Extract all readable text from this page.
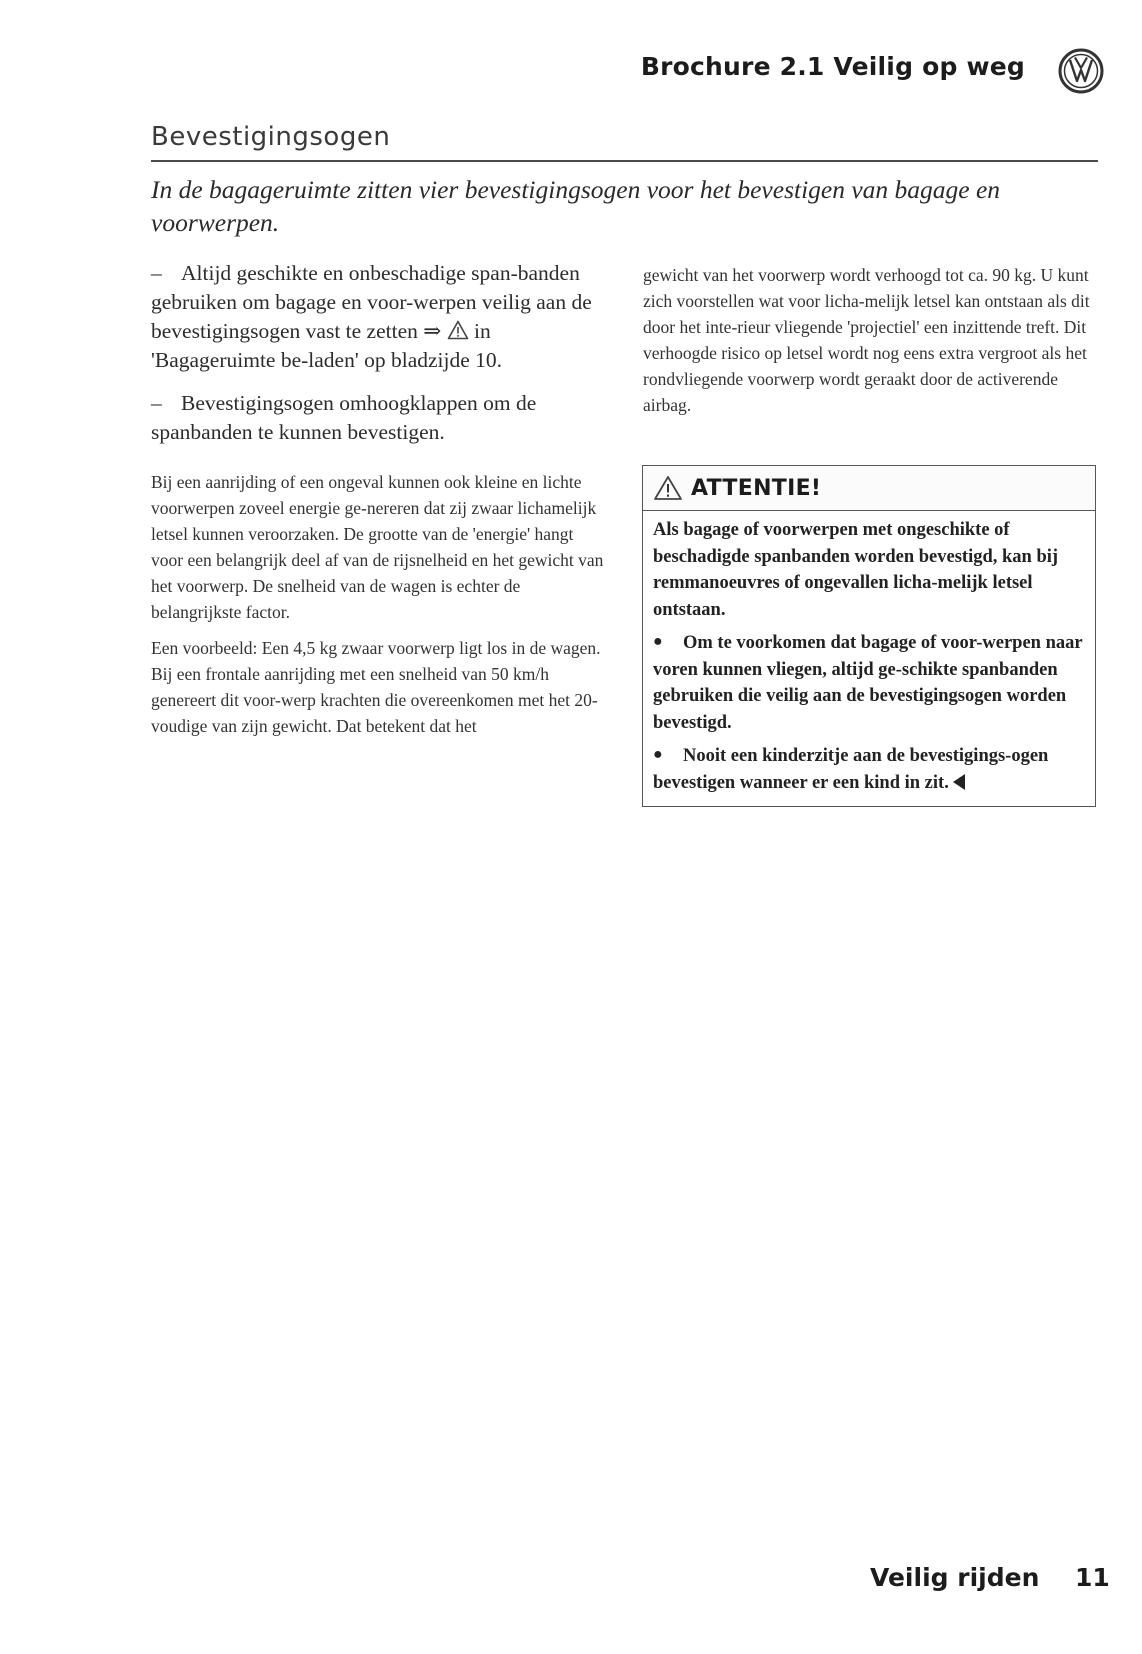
Brochure 2.1 Veilig op weg
Bevestigingsogen
In de bagageruimte zitten vier bevestigingsogen voor het bevestigen van bagage en voorwerpen.

– Altijd geschikte en onbeschadige span-banden gebruiken om bagage en voor-werpen veilig aan de bevestigingsogen vast te zetten ⇒ in 'Bagageruimte be-laden' op bladzijde 10.

– Bevestigingsogen omhoogklappen om de spanbanden te kunnen bevestigen.

Bij een aanrijding of een ongeval kunnen ook kleine en lichte voorwerpen zoveel energie ge-nereren dat zij zwaar lichamelijk letsel kunnen veroorzaken. De grootte van de 'energie' hangt voor een belangrijk deel af van de rijsnelheid en het gewicht van het voorwerp. De snelheid van de wagen is echter de belangrijkste factor.

Een voorbeeld: Een 4,5 kg zwaar voorwerp ligt los in de wagen. Bij een frontale aanrijding met een snelheid van 50 km/h genereert dit voor-werp krachten die overeenkomen met het 20-voudige van zijn gewicht. Dat betekent dat het

gewicht van het voorwerp wordt verhoogd tot ca. 90 kg. U kunt zich voorstellen wat voor licha-melijk letsel kan ontstaan als dit door het inte-rieur vliegende 'projectiel' een inzittende treft. Dit verhoogde risico op letsel wordt nog eens extra vergroot als het rondvliegende voorwerp wordt geraakt door de activerende airbag.

ATTENTIE!

Als bagage of voorwerpen met ongeschikte of beschadigde spanbanden worden bevestigd, kan bij remmanoeuvres of ongevallen licha-melijk letsel ontstaan.

● Om te voorkomen dat bagage of voor-werpen naar voren kunnen vliegen, altijd ge-schikte spanbanden gebruiken die veilig aan de bevestigingsogen worden bevestigd.

● Nooit een kinderzitje aan de bevestigings-ogen bevestigen wanneer er een kind in zit.

Veilig rijden 11
